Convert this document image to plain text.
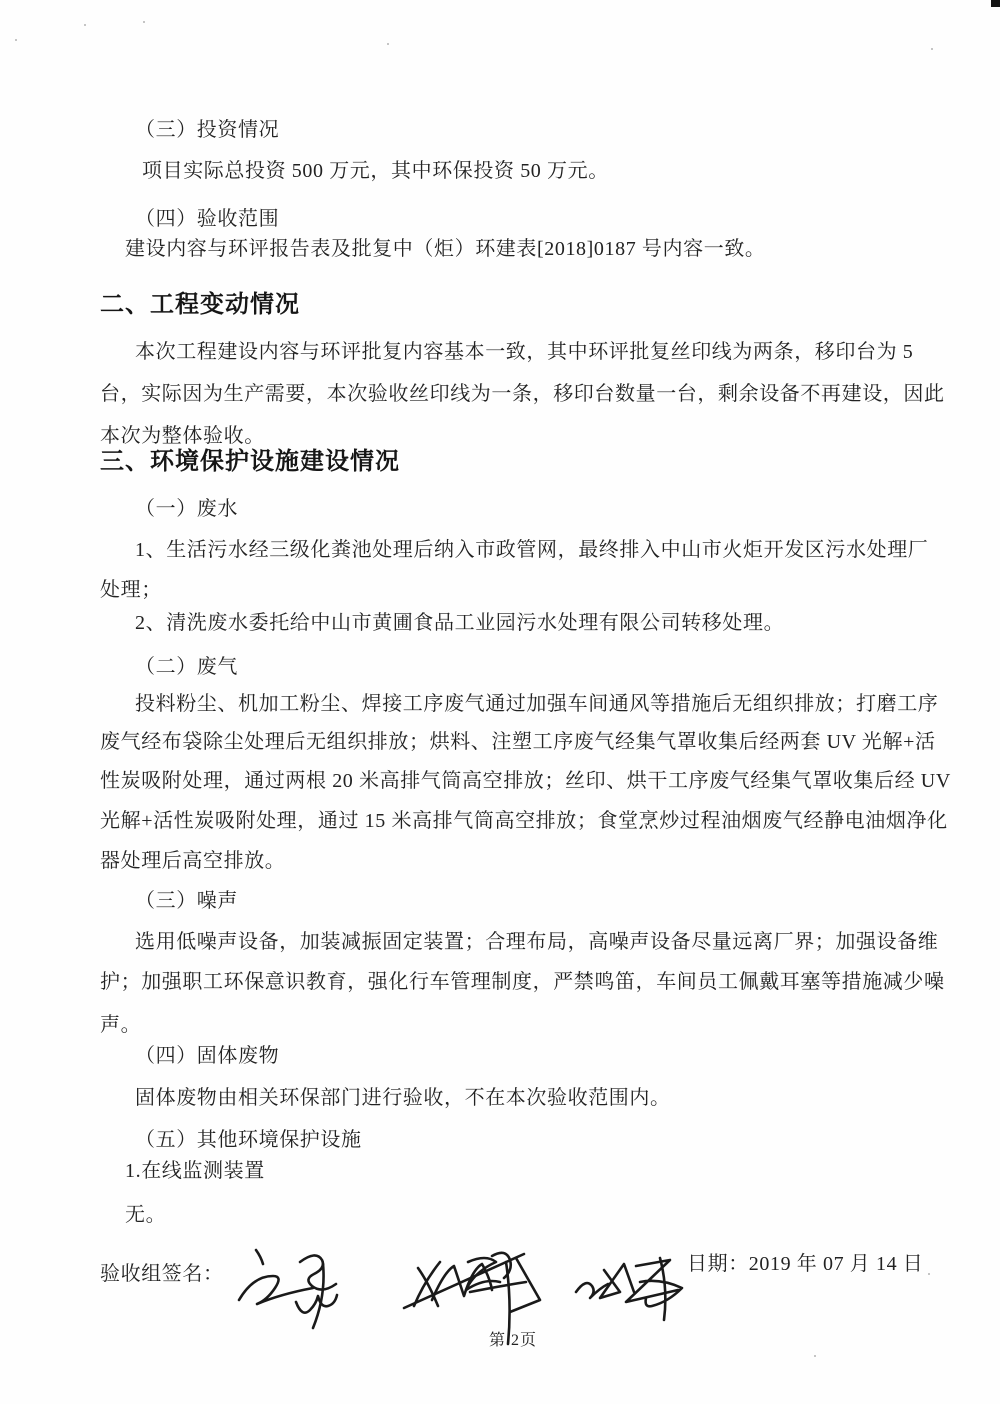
（三）投资情况
项目实际总投资 500 万元，其中环保投资 50 万元。
（四）验收范围
建设内容与环评报告表及批复中（炬）环建表[2018]0187 号内容一致。
二、工程变动情况
本次工程建设内容与环评批复内容基本一致，其中环评批复丝印线为两条，移印台为 5
台，实际因为生产需要，本次验收丝印线为一条，移印台数量一台，剩余设备不再建设，因此
本次为整体验收。
三、环境保护设施建设情况
（一）废水
1、生活污水经三级化粪池处理后纳入市政管网，最终排入中山市火炬开发区污水处理厂
处理；
2、清洗废水委托给中山市黄圃食品工业园污水处理有限公司转移处理。
（二）废气
投料粉尘、机加工粉尘、焊接工序废气通过加强车间通风等措施后无组织排放；打磨工序
废气经布袋除尘处理后无组织排放；烘料、注塑工序废气经集气罩收集后经两套 UV 光解+活
性炭吸附处理，通过两根 20 米高排气筒高空排放；丝印、烘干工序废气经集气罩收集后经 UV
光解+活性炭吸附处理，通过 15 米高排气筒高空排放；食堂烹炒过程油烟废气经静电油烟净化
器处理后高空排放。
（三）噪声
选用低噪声设备，加装减振固定装置；合理布局，高噪声设备尽量远离厂界；加强设备维
护；加强职工环保意识教育，强化行车管理制度，严禁鸣笛，车间员工佩戴耳塞等措施减少噪
声。
（四）固体废物
固体废物由相关环保部门进行验收，不在本次验收范围内。
（五）其他环境保护设施
1.在线监测装置
无。
验收组签名：	日期：2019 年 07 月 14 日
第 2页
